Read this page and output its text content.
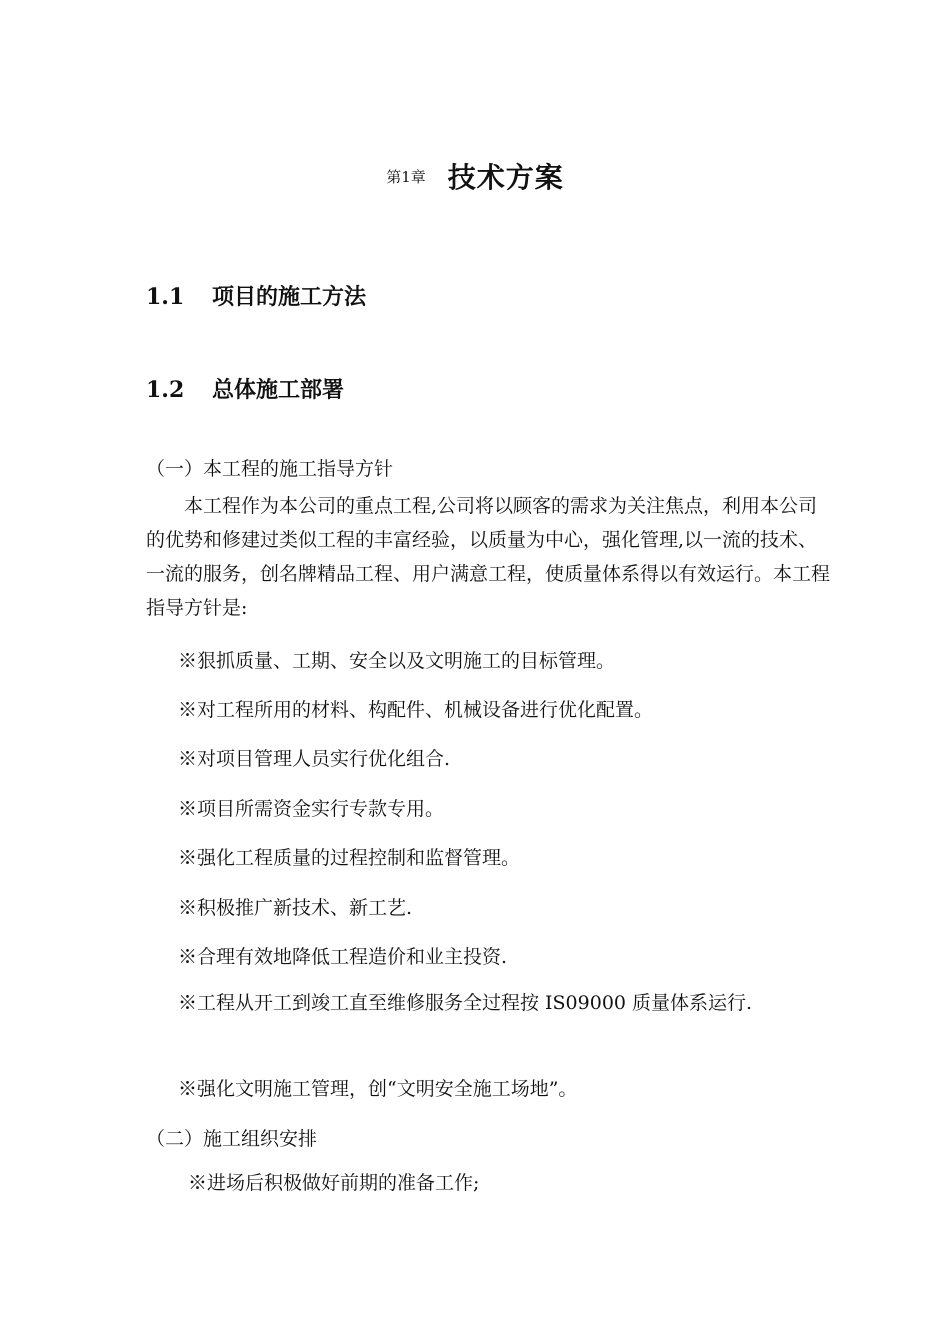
第1章 技术方案
1.1 项目的施工方法
1.2 总体施工部署
（一）本工程的施工指导方针
本工程作为本公司的重点工程,公司将以顾客的需求为关注焦点，利用本公司的优势和修建过类似工程的丰富经验，以质量为中心，强化管理,以一流的技术、一流的服务，创名牌精品工程、用户满意工程，使质量体系得以有效运行。本工程指导方针是:
※狠抓质量、工期、安全以及文明施工的目标管理。
※对工程所用的材料、构配件、机械设备进行优化配置。
※对项目管理人员实行优化组合.
※项目所需资金实行专款专用。
※强化工程质量的过程控制和监督管理。
※积极推广新技术、新工艺.
※合理有效地降低工程造价和业主投资.
※工程从开工到竣工直至维修服务全过程按 IS09000 质量体系运行.
※强化文明施工管理，创“文明安全施工场地”。
（二）施工组织安排
※进场后积极做好前期的准备工作;
